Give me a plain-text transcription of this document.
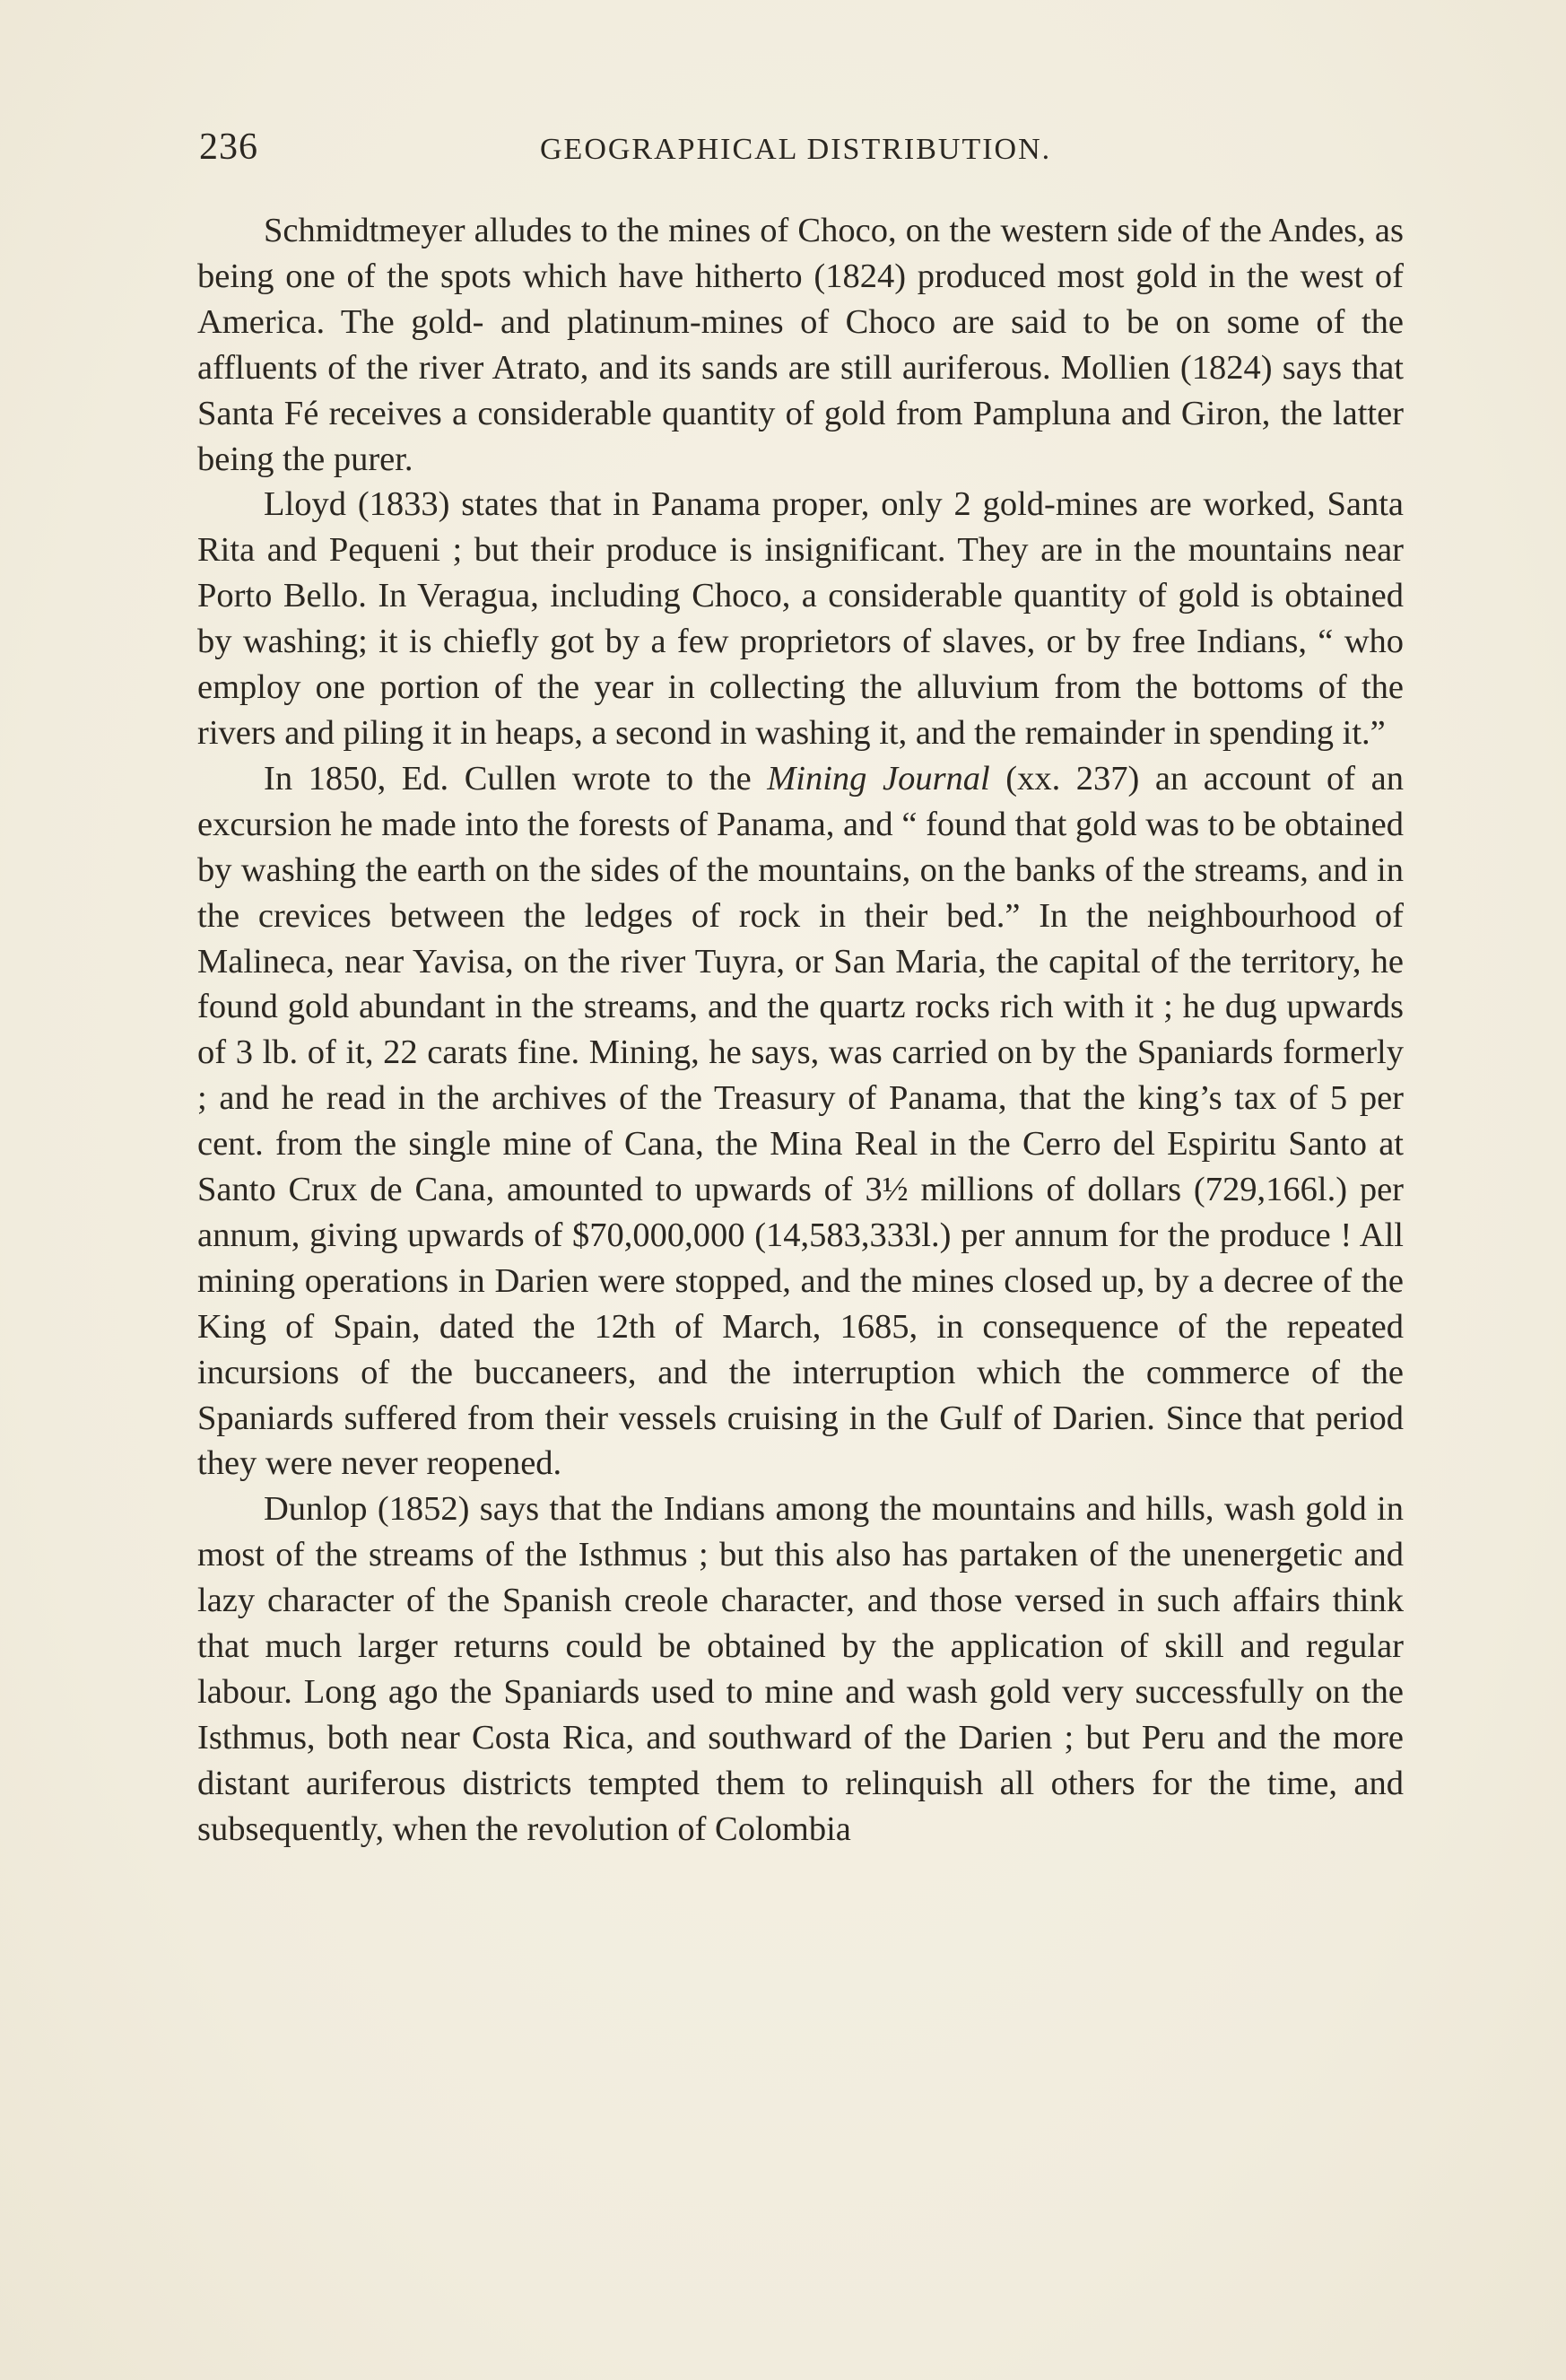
236	GEOGRAPHICAL DISTRIBUTION.

Schmidtmeyer alludes to the mines of Choco, on the western side of the Andes, as being one of the spots which have hitherto (1824) produced most gold in the west of America. The gold- and platinum-mines of Choco are said to be on some of the affluents of the river Atrato, and its sands are still auriferous. Mollien (1824) says that Santa Fé receives a considerable quantity of gold from Pampluna and Giron, the latter being the purer.

Lloyd (1833) states that in Panama proper, only 2 gold-mines are worked, Santa Rita and Pequeni ; but their produce is insignificant. They are in the mountains near Porto Bello. In Veragua, including Choco, a considerable quantity of gold is obtained by washing; it is chiefly got by a few proprietors of slaves, or by free Indians, “ who employ one portion of the year in collecting the alluvium from the bottoms of the rivers and piling it in heaps, a second in washing it, and the remainder in spending it.”

In 1850, Ed. Cullen wrote to the Mining Journal (xx. 237) an account of an excursion he made into the forests of Panama, and “ found that gold was to be obtained by washing the earth on the sides of the mountains, on the banks of the streams, and in the crevices between the ledges of rock in their bed.” In the neighbourhood of Malineca, near Yavisa, on the river Tuyra, or San Maria, the capital of the territory, he found gold abundant in the streams, and the quartz rocks rich with it ; he dug upwards of 3 lb. of it, 22 carats fine. Mining, he says, was carried on by the Spaniards formerly ; and he read in the archives of the Treasury of Panama, that the king’s tax of 5 per cent. from the single mine of Cana, the Mina Real in the Cerro del Espiritu Santo at Santo Crux de Cana, amounted to upwards of 3½ millions of dollars (729,166l.) per annum, giving upwards of $70,000,000 (14,583,333l.) per annum for the produce ! All mining operations in Darien were stopped, and the mines closed up, by a decree of the King of Spain, dated the 12th of March, 1685, in consequence of the repeated incursions of the buccaneers, and the interruption which the commerce of the Spaniards suffered from their vessels cruising in the Gulf of Darien. Since that period they were never reopened.

Dunlop (1852) says that the Indians among the mountains and hills, wash gold in most of the streams of the Isthmus ; but this also has partaken of the unenergetic and lazy character of the Spanish creole character, and those versed in such affairs think that much larger returns could be obtained by the application of skill and regular labour. Long ago the Spaniards used to mine and wash gold very successfully on the Isthmus, both near Costa Rica, and southward of the Darien ; but Peru and the more distant auriferous districts tempted them to relinquish all others for the time, and subsequently, when the revolution of Colombia
